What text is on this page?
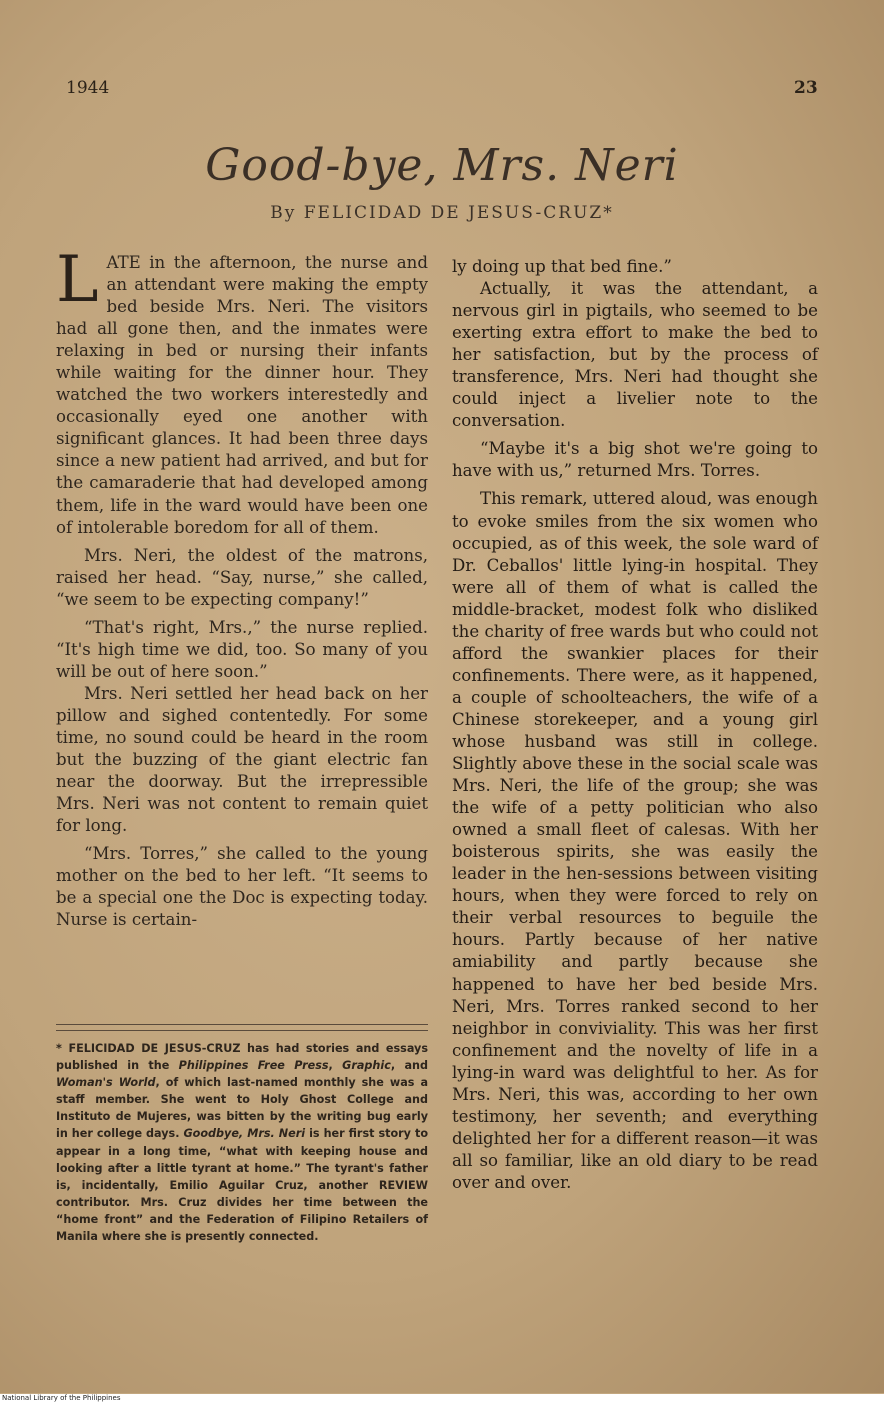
1944	23
Good-bye, Mrs. Neri
By FELICIDAD DE JESUS-CRUZ*

LATE in the afternoon, the nurse and an attendant were making the empty bed beside Mrs. Neri. The visitors had all gone then, and the inmates were relaxing in bed or nursing their infants while waiting for the dinner hour. They watched the two workers interestedly and occasionally eyed one another with significant glances. It had been three days since a new patient had arrived, and but for the camaraderie that had developed among them, life in the ward would have been one of intolerable boredom for all of them.

Mrs. Neri, the oldest of the matrons, raised her head. “Say, nurse,” she called, “we seem to be expecting company!”

“That's right, Mrs.,” the nurse replied. “It's high time we did, too. So many of you will be out of here soon.”

Mrs. Neri settled her head back on her pillow and sighed contentedly. For some time, no sound could be heard in the room but the buzzing of the giant electric fan near the doorway. But the irrepressible Mrs. Neri was not content to remain quiet for long.

“Mrs. Torres,” she called to the young mother on the bed to her left. “It seems to be a special one the Doc is expecting today. Nurse is certain-

* FELICIDAD DE JESUS-CRUZ has had stories and essays published in the Philippines Free Press, Graphic, and Woman's World, of which last-named monthly she was a staff member. She went to Holy Ghost College and Instituto de Mujeres, was bitten by the writing bug early in her college days. Goodbye, Mrs. Neri is her first story to appear in a long time, “what with keeping house and looking after a little tyrant at home.” The tyrant's father is, incidentally, Emilio Aguilar Cruz, another REVIEW contributor. Mrs. Cruz divides her time between the “home front” and the Federation of Filipino Retailers of Manila where she is presently connected.

ly doing up that bed fine.”

Actually, it was the attendant, a nervous girl in pigtails, who seemed to be exerting extra effort to make the bed to her satisfaction, but by the process of transference, Mrs. Neri had thought she could inject a livelier note to the conversation.

“Maybe it's a big shot we're going to have with us,” returned Mrs. Torres.

This remark, uttered aloud, was enough to evoke smiles from the six women who occupied, as of this week, the sole ward of Dr. Ceballos' little lying-in hospital. They were all of them of what is called the middle-bracket, modest folk who disliked the charity of free wards but who could not afford the swankier places for their confinements. There were, as it happened, a couple of schoolteachers, the wife of a Chinese storekeeper, and a young girl whose husband was still in college. Slightly above these in the social scale was Mrs. Neri, the life of the group; she was the wife of a petty politician who also owned a small fleet of calesas. With her boisterous spirits, she was easily the leader in the hen-sessions between visiting hours, when they were forced to rely on their verbal resources to beguile the hours. Partly because of her native amiability and partly because she happened to have her bed beside Mrs. Neri, Mrs. Torres ranked second to her neighbor in conviviality. This was her first confinement and the novelty of life in a lying-in ward was delightful to her. As for Mrs. Neri, this was, according to her own testimony, her seventh; and everything delighted her for a different reason—it was all so familiar, like an old diary to be read over and over.

National Library of the Philippines
